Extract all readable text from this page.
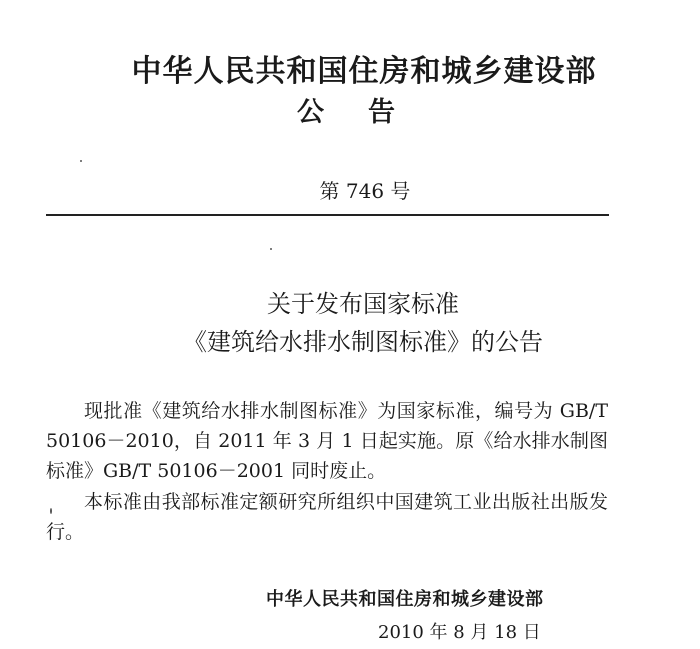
中华人民共和国住房和城乡建设部
公告
第 746 号
关于发布国家标准
《建筑给水排水制图标准》的公告

现批准《建筑给水排水制图标准》为国家标准，编号为 GB/T 50106－2010，自 2011 年 3 月 1 日起实施。原《给水排水制图标准》GB/T 50106－2001 同时废止。

本标准由我部标准定额研究所组织中国建筑工业出版社出版发行。

中华人民共和国住房和城乡建设部
2010 年 8 月 18 日
